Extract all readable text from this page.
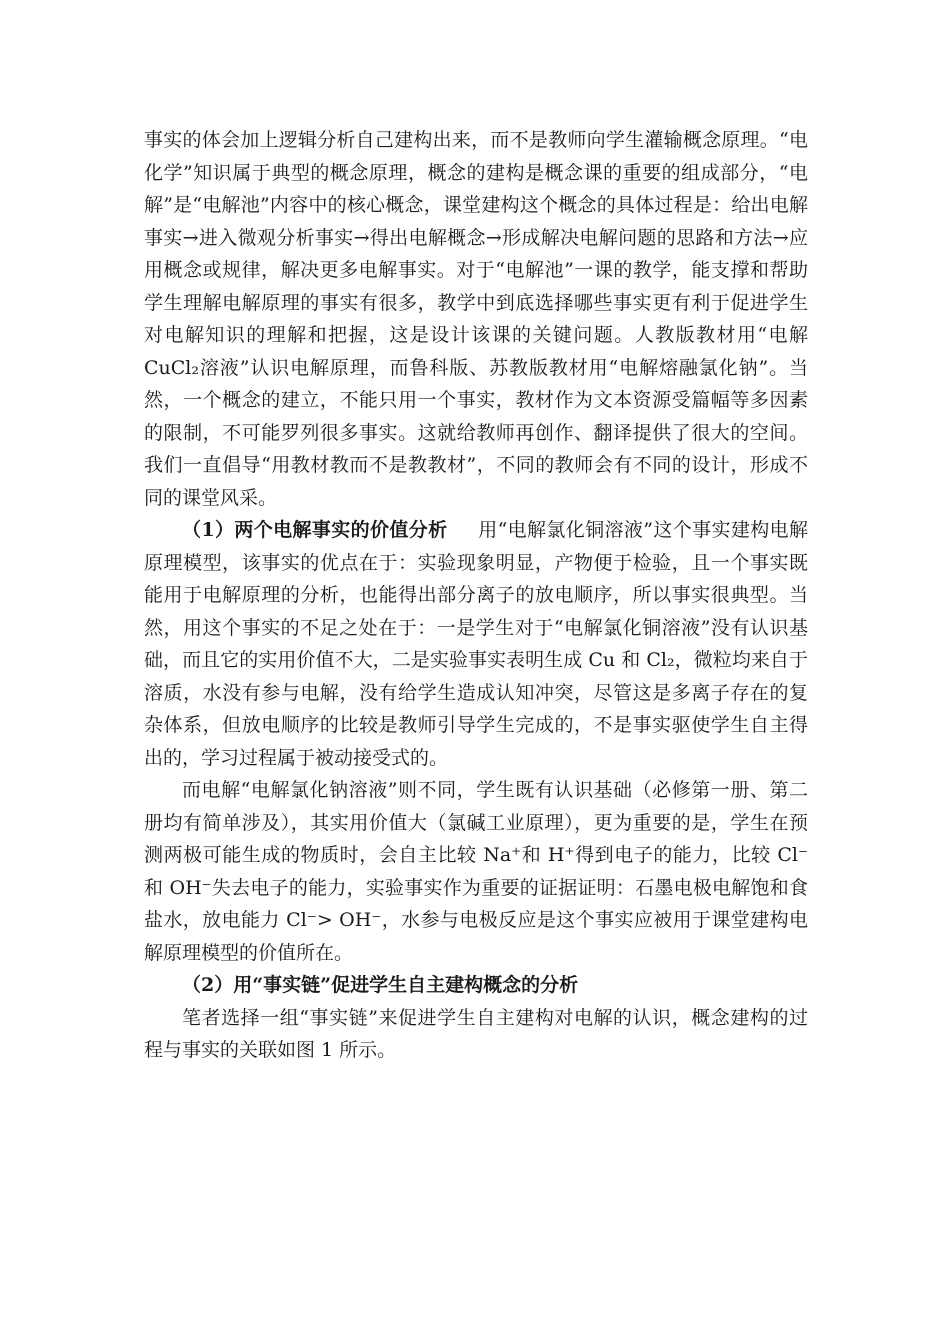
事实的体会加上逻辑分析自己建构出来，而不是教师向学生灌输概念原理。“电化学”知识属于典型的概念原理，概念的建构是概念课的重要的组成部分，“电解”是“电解池”内容中的核心概念，课堂建构这个概念的具体过程是：给出电解事实→进入微观分析事实→得出电解概念→形成解决电解问题的思路和方法→应用概念或规律，解决更多电解事实。对于“电解池”一课的教学，能支撑和帮助学生理解电解原理的事实有很多，教学中到底选择哪些事实更有利于促进学生对电解知识的理解和把握，这是设计该课的关键问题。人教版教材用“电解 CuCl₂溶液”认识电解原理，而鲁科版、苏教版教材用“电解熔融氯化钠”。当然，一个概念的建立，不能只用一个事实，教材作为文本资源受篇幅等多因素的限制，不可能罗列很多事实。这就给教师再创作、翻译提供了很大的空间。我们一直倡导“用教材教而不是教教材”，不同的教师会有不同的设计，形成不同的课堂风采。

（1）两个电解事实的价值分析 用“电解氯化铜溶液”这个事实建构电解原理模型，该事实的优点在于：实验现象明显，产物便于检验，且一个事实既能用于电解原理的分析，也能得出部分离子的放电顺序，所以事实很典型。当然，用这个事实的不足之处在于：一是学生对于“电解氯化铜溶液”没有认识基础，而且它的实用价值不大，二是实验事实表明生成 Cu 和 Cl₂，微粒均来自于溶质，水没有参与电解，没有给学生造成认知冲突，尽管这是多离子存在的复杂体系，但放电顺序的比较是教师引导学生完成的，不是事实驱使学生自主得出的，学习过程属于被动接受式的。

而电解“电解氯化钠溶液”则不同，学生既有认识基础（必修第一册、第二册均有简单涉及），其实用价值大（氯碱工业原理），更为重要的是，学生在预测两极可能生成的物质时，会自主比较 Na⁺和 H⁺得到电子的能力，比较 Cl⁻和 OH⁻失去电子的能力，实验事实作为重要的证据证明：石墨电极电解饱和食盐水，放电能力 Cl⁻> OH⁻，水参与电极反应是这个事实应被用于课堂建构电解原理模型的价值所在。

（2）用“事实链”促进学生自主建构概念的分析

笔者选择一组“事实链”来促进学生自主建构对电解的认识，概念建构的过程与事实的关联如图 1 所示。
